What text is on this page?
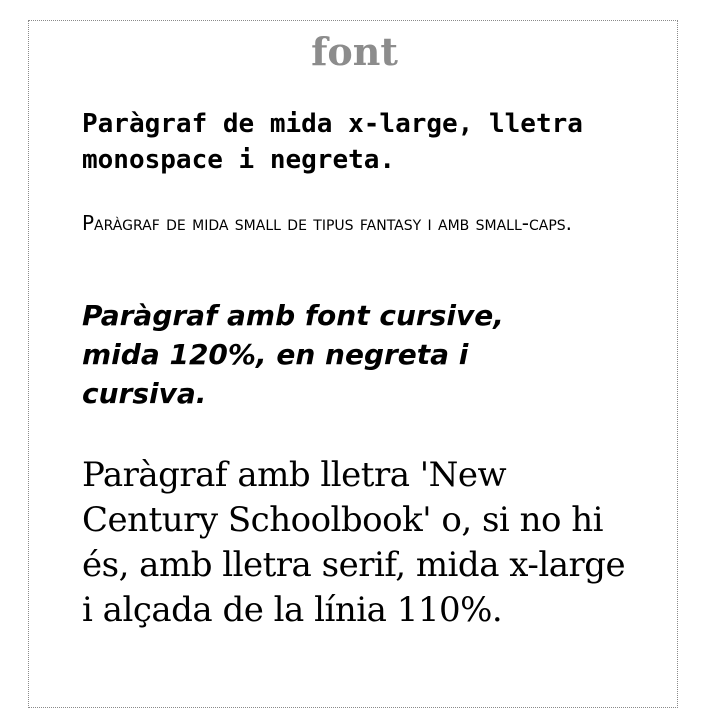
font

Paràgraf de mida x-large, lletra monospace i negreta.

Paràgraf de mida small de tipus fantasy i amb small-caps.

Paràgraf amb font cursive, mida 120%, en negreta i cursiva.

Paràgraf amb lletra 'New Century Schoolbook' o, si no hi és, amb lletra serif, mida x-large i alçada de la línia 110%.
